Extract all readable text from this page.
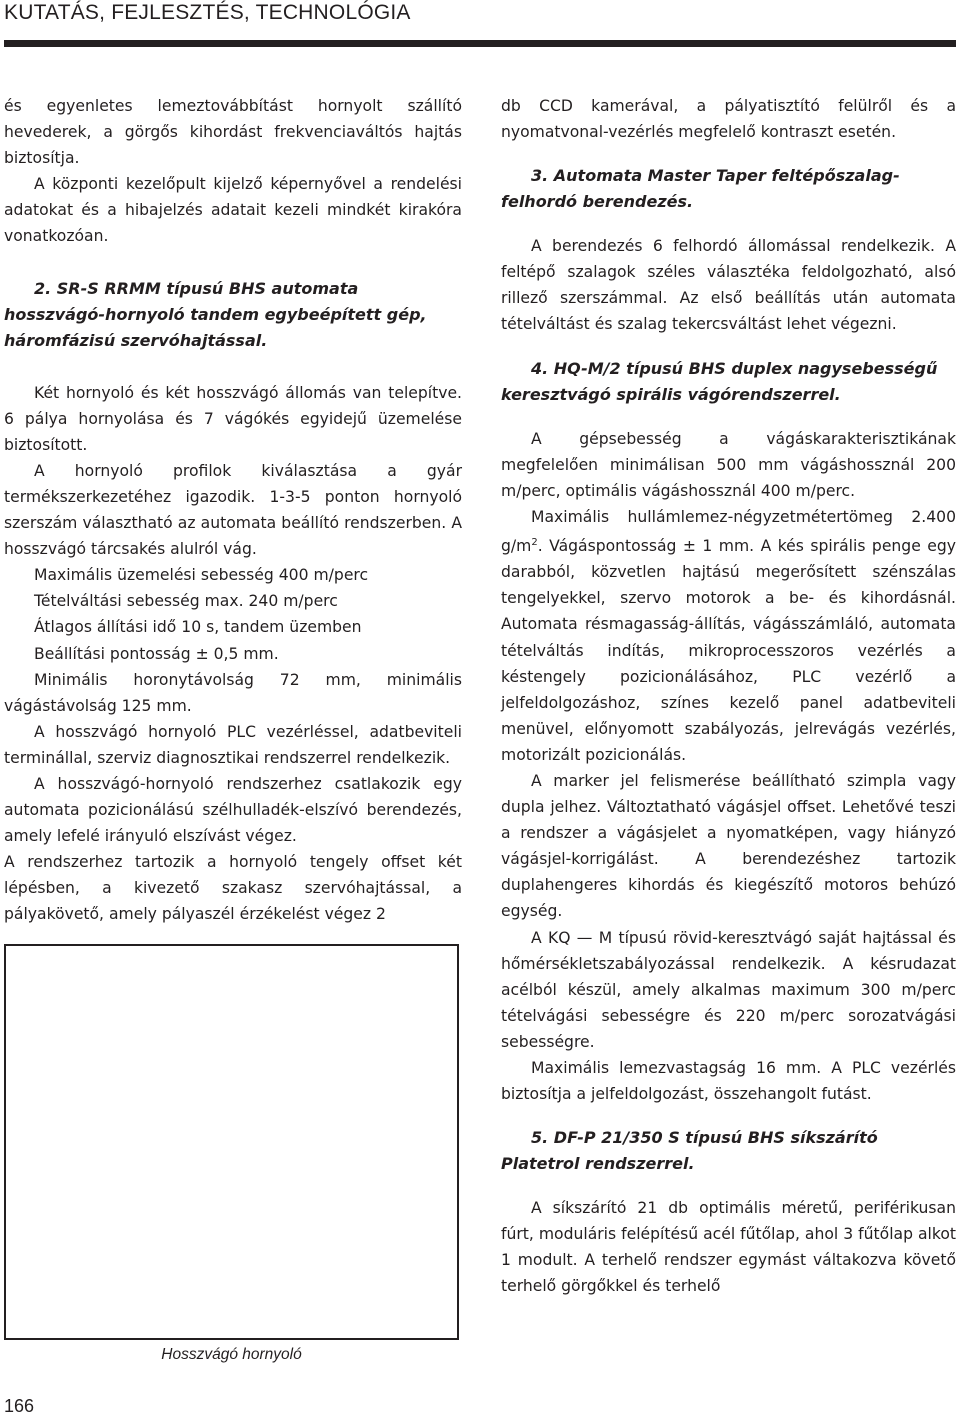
KUTATÁS, FEJLESZTÉS, TECHNOLÓGIA

és egyenletes lemeztovábbítást hornyolt szállító hevederek, a görgős kihordást frekvenciaváltós hajtás biztosítja.

A központi kezelőpult kijelző képernyővel a rendelési adatokat és a hibajelzés adatait kezeli mindkét kirakóra vonatkozóan.

2. SR-S RRMM típusú BHS automata hosszvágó-hornyoló tandem egybeépített gép, háromfázisú szervóhajtással.

Két hornyoló és két hosszvágó állomás van telepítve. 6 pálya hornyolása és 7 vágókés egyidejű üzemelése biztosított.

A hornyoló profilok kiválasztása a gyár termékszerkezetéhez igazodik. 1-3-5 ponton hornyoló szerszám választható az automata beállító rendszerben. A hosszvágó tárcsakés alulról vág.

Maximális üzemelési sebesség 400 m/perc

Tételváltási sebesség max. 240 m/perc

Átlagos állítási idő 10 s, tandem üzemben

Beállítási pontosság ± 0,5 mm.

Minimális horonytávolság 72 mm, minimális vágástávolság 125 mm.

A hosszvágó hornyoló PLC vezérléssel, adatbeviteli terminállal, szerviz diagnosztikai rendszerrel rendelkezik.

A hosszvágó-hornyoló rendszerhez csatlakozik egy automata pozicionálású szélhulladék-elszívó berendezés, amely lefelé irányuló elszívást végez.

A rendszerhez tartozik a hornyoló tengely offset két lépésben, a kivezető szakasz szervóhajtással, a pályakövető, amely pályaszél érzékelést végez 2

Hosszvágó hornyoló

db CCD kamerával, a pályatisztító felülről és a nyomatvonal-vezérlés megfelelő kontraszt esetén.

3. Automata Master Taper feltépőszalag-felhordó berendezés.

A berendezés 6 felhordó állomással rendelkezik. A feltépő szalagok széles választéka feldolgozható, alsó rillező szerszámmal. Az első beállítás után automata tételváltást és szalag tekercsváltást lehet végezni.

4. HQ-M/2 típusú BHS duplex nagysebességű keresztvágó spirális vágórendszerrel.

A gépsebesség a vágáskarakterisztikának megfelelően minimálisan 500 mm vágáshossznál 200 m/perc, optimális vágáshossznál 400 m/perc.

Maximális hullámlemez-négyzetmétertömeg 2.400 $g/m^2$. Vágáspontosság ± 1 mm. A kés spirális penge egy darabból, közvetlen hajtású megerősített szénszálas tengelyekkel, szervo motorok a be- és kihordásnál. Automata résmagasság-állítás, vágásszámláló, automata tételváltás indítás, mikroprocesszoros vezérlés a késtengely pozicionálásához, PLC vezérlő a jelfeldolgozáshoz, színes kezelő panel adatbeviteli menüvel, előnyomott szabályozás, jelrevágás vezérlés, motorizált pozicionálás.

A marker jel felismerése beállítható szimpla vagy dupla jelhez. Változtatható vágásjel offset. Lehetővé teszi a rendszer a vágásjelet a nyomatképen, vagy hiányzó vágásjel-korrigálást. A berendezéshez tartozik duplahengeres kihordás és kiegészítő motoros behúzó egység.

A KQ — M típusú rövid-keresztvágó saját hajtással és hőmérsékletszabályozással rendelkezik. A késrudazat acélból készül, amely alkalmas maximum 300 m/perc tételvágási sebességre és 220 m/perc sorozatvágási sebességre.

Maximális lemezvastagság 16 mm. A PLC vezérlés biztosítja a jelfeldolgozást, összehangolt futást.

5. DF-P 21/350 S típusú BHS síkszárító Platetrol rendszerrel.

A síkszárító 21 db optimális méretű, periférikusan fúrt, moduláris felépítésű acél fűtőlap, ahol 3 fűtőlap alkot 1 modult. A terhelő rendszer egymást váltakozva követő terhelő görgőkkel és terhelő

166
